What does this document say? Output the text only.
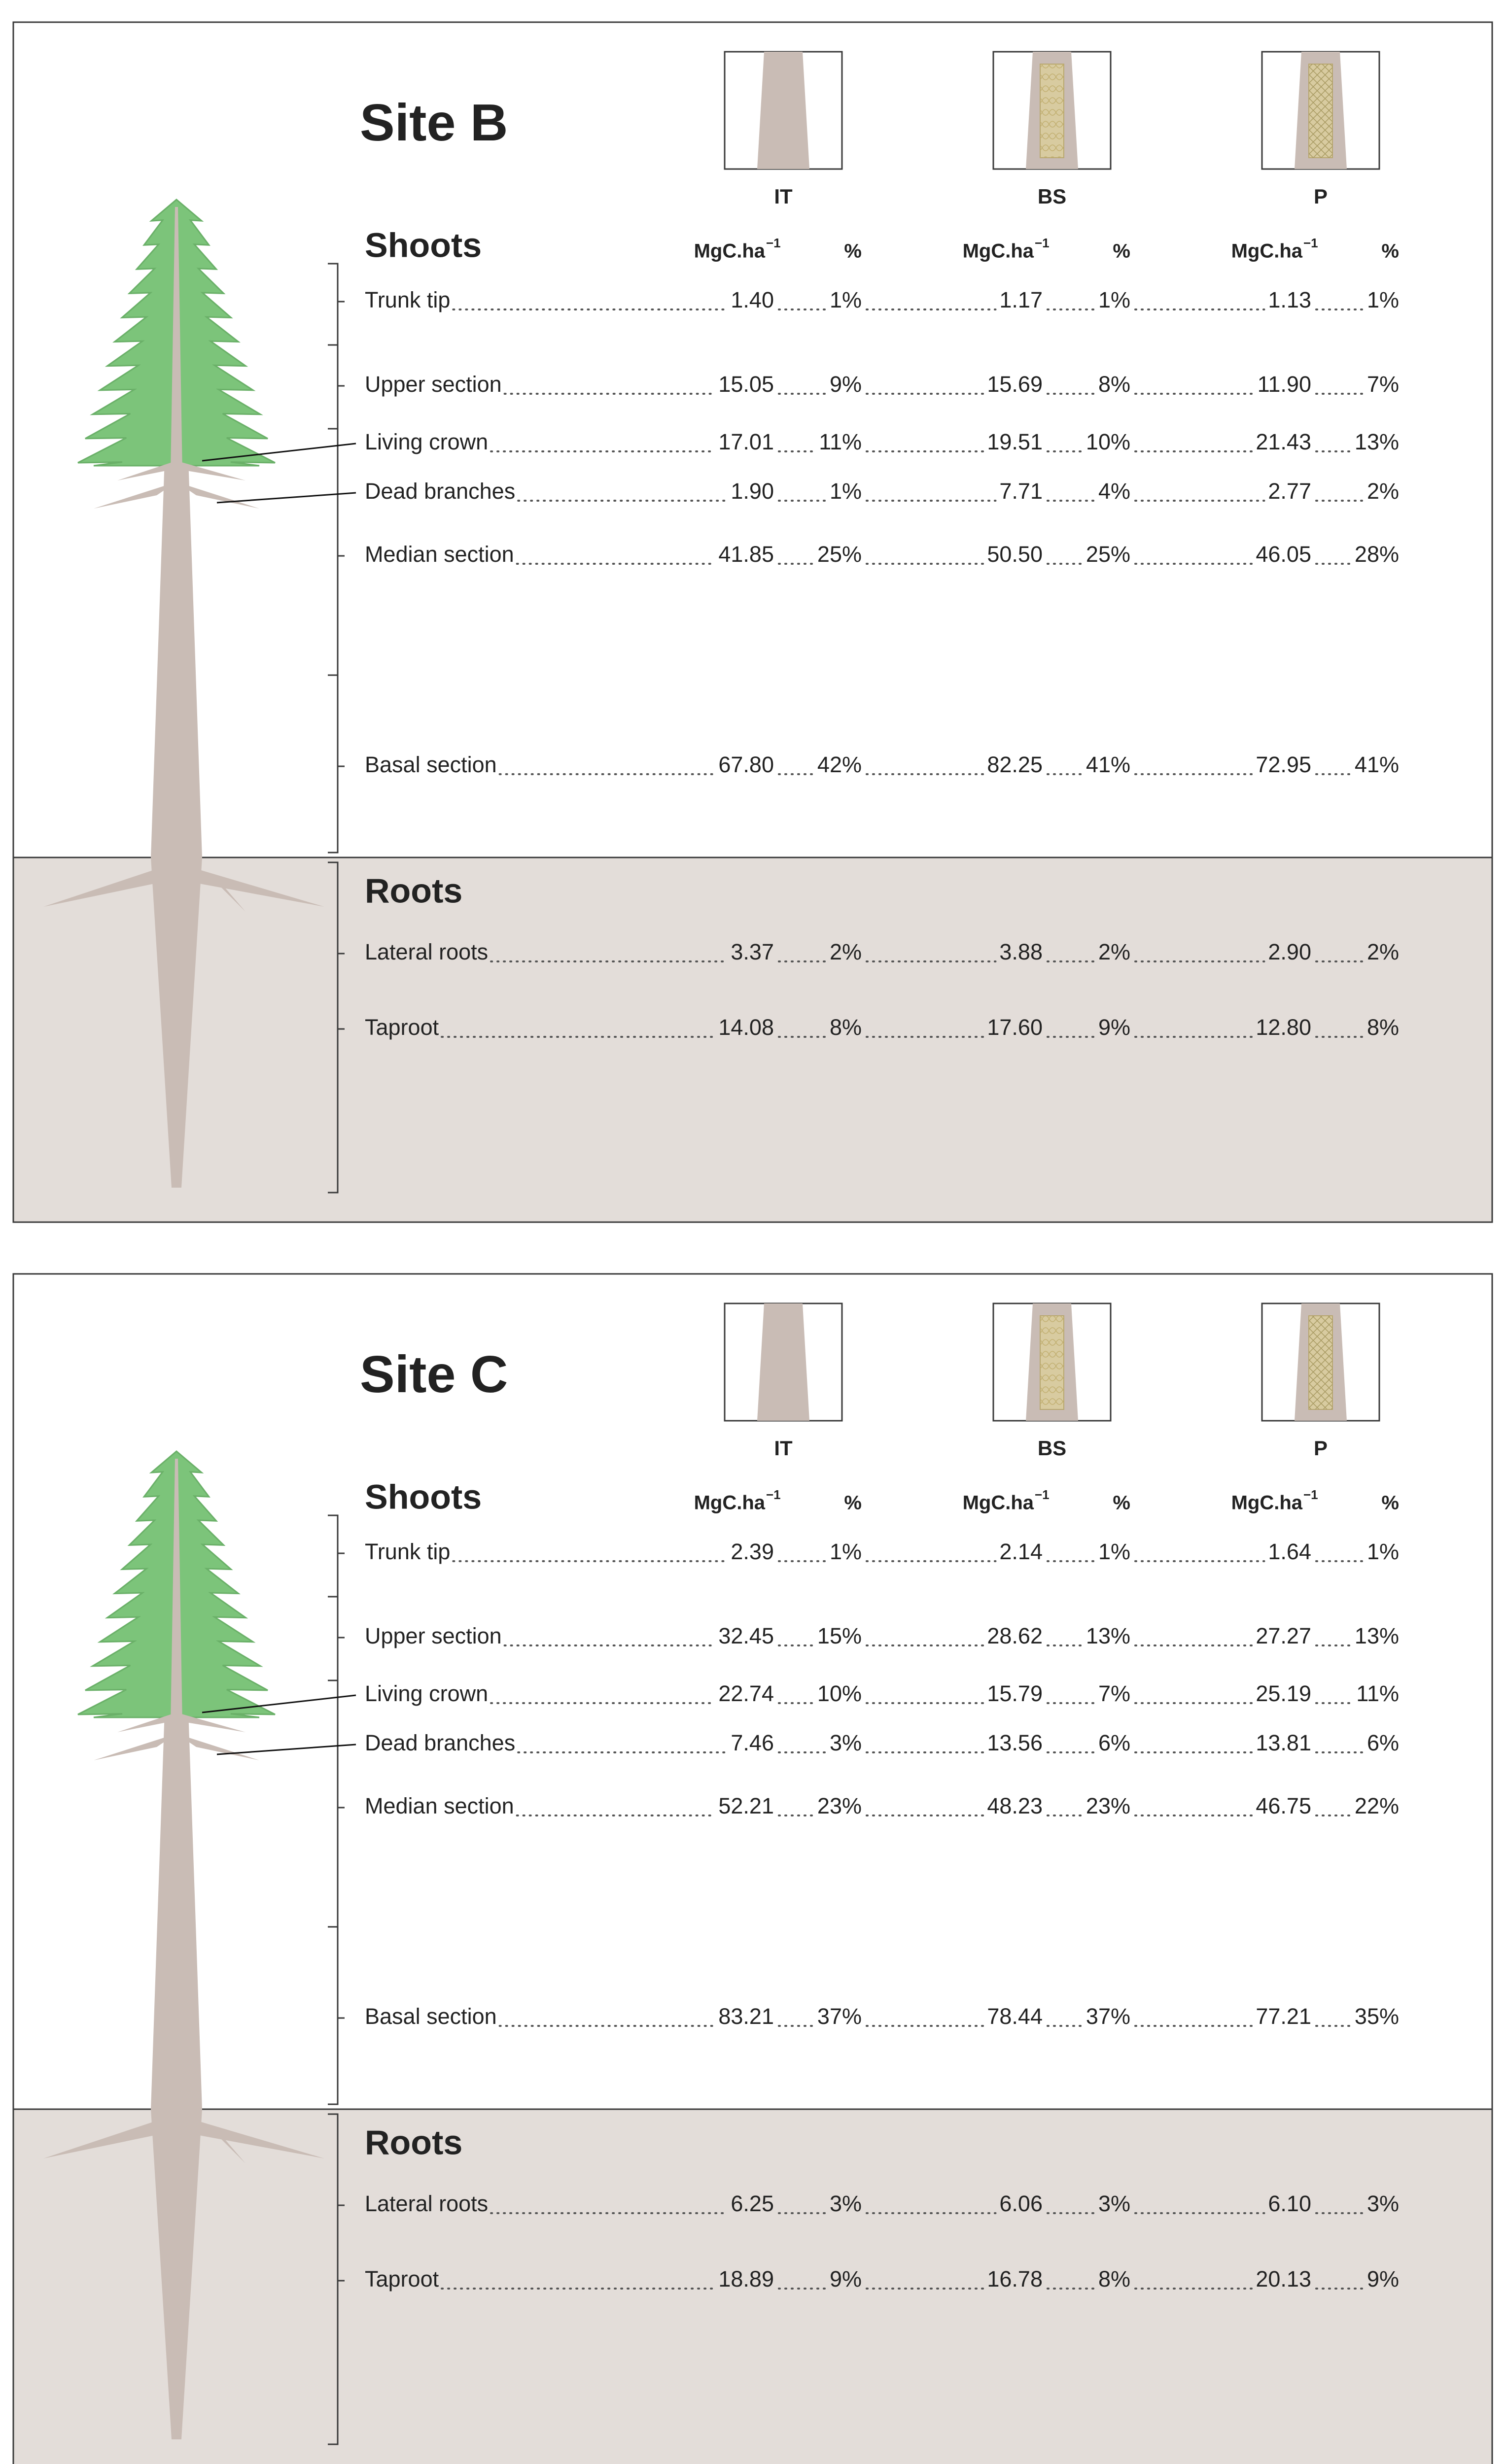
Site B
IT	BS	P
Shoots
Roots
MgC.ha −1	%	MgC.ha −1	%	MgC.ha −1	%
Trunk tip	1.40	1%	1.17	1%	1.13	1%
Upper section	15.05	9%	15.69	8%	11.90	7%
Living crown	17.01 11%	19.51 10%	21.43 13%
Dead branches	1.90	1%	7.71	4%	2.77	2%
Median section	41.85 25%	50.50 25%	46.05 28%
Basal section	67.80 42%	82.25 41%	72.95 41%
Lateral roots	3.37	2%	3.88	2%	2.90	2%
Taproot	14.08	8%	17.60	9%	12.80	8%
Site C
IT	BS	P
Shoots
Roots
MgC.ha −1	%	MgC.ha −1	%	MgC.ha −1	%
Trunk tip	2.39	1%	2.14	1%	1.64	1%
Upper section	32.45 15%	28.62 13%	27.27 13%
Living crown	22.74 10%	15.79	7%	25.19 11%
Dead branches	7.46	3%	13.56	6%	13.81	6%
Median section	52.21 23%	48.23 23%	46.75 22%
Basal section	83.21 37%	78.44 37%	77.21 35%
Lateral roots	6.25	3%	6.06	3%	6.10	3%
Taproot	18.89	9%	16.78	8%	20.13	9%
